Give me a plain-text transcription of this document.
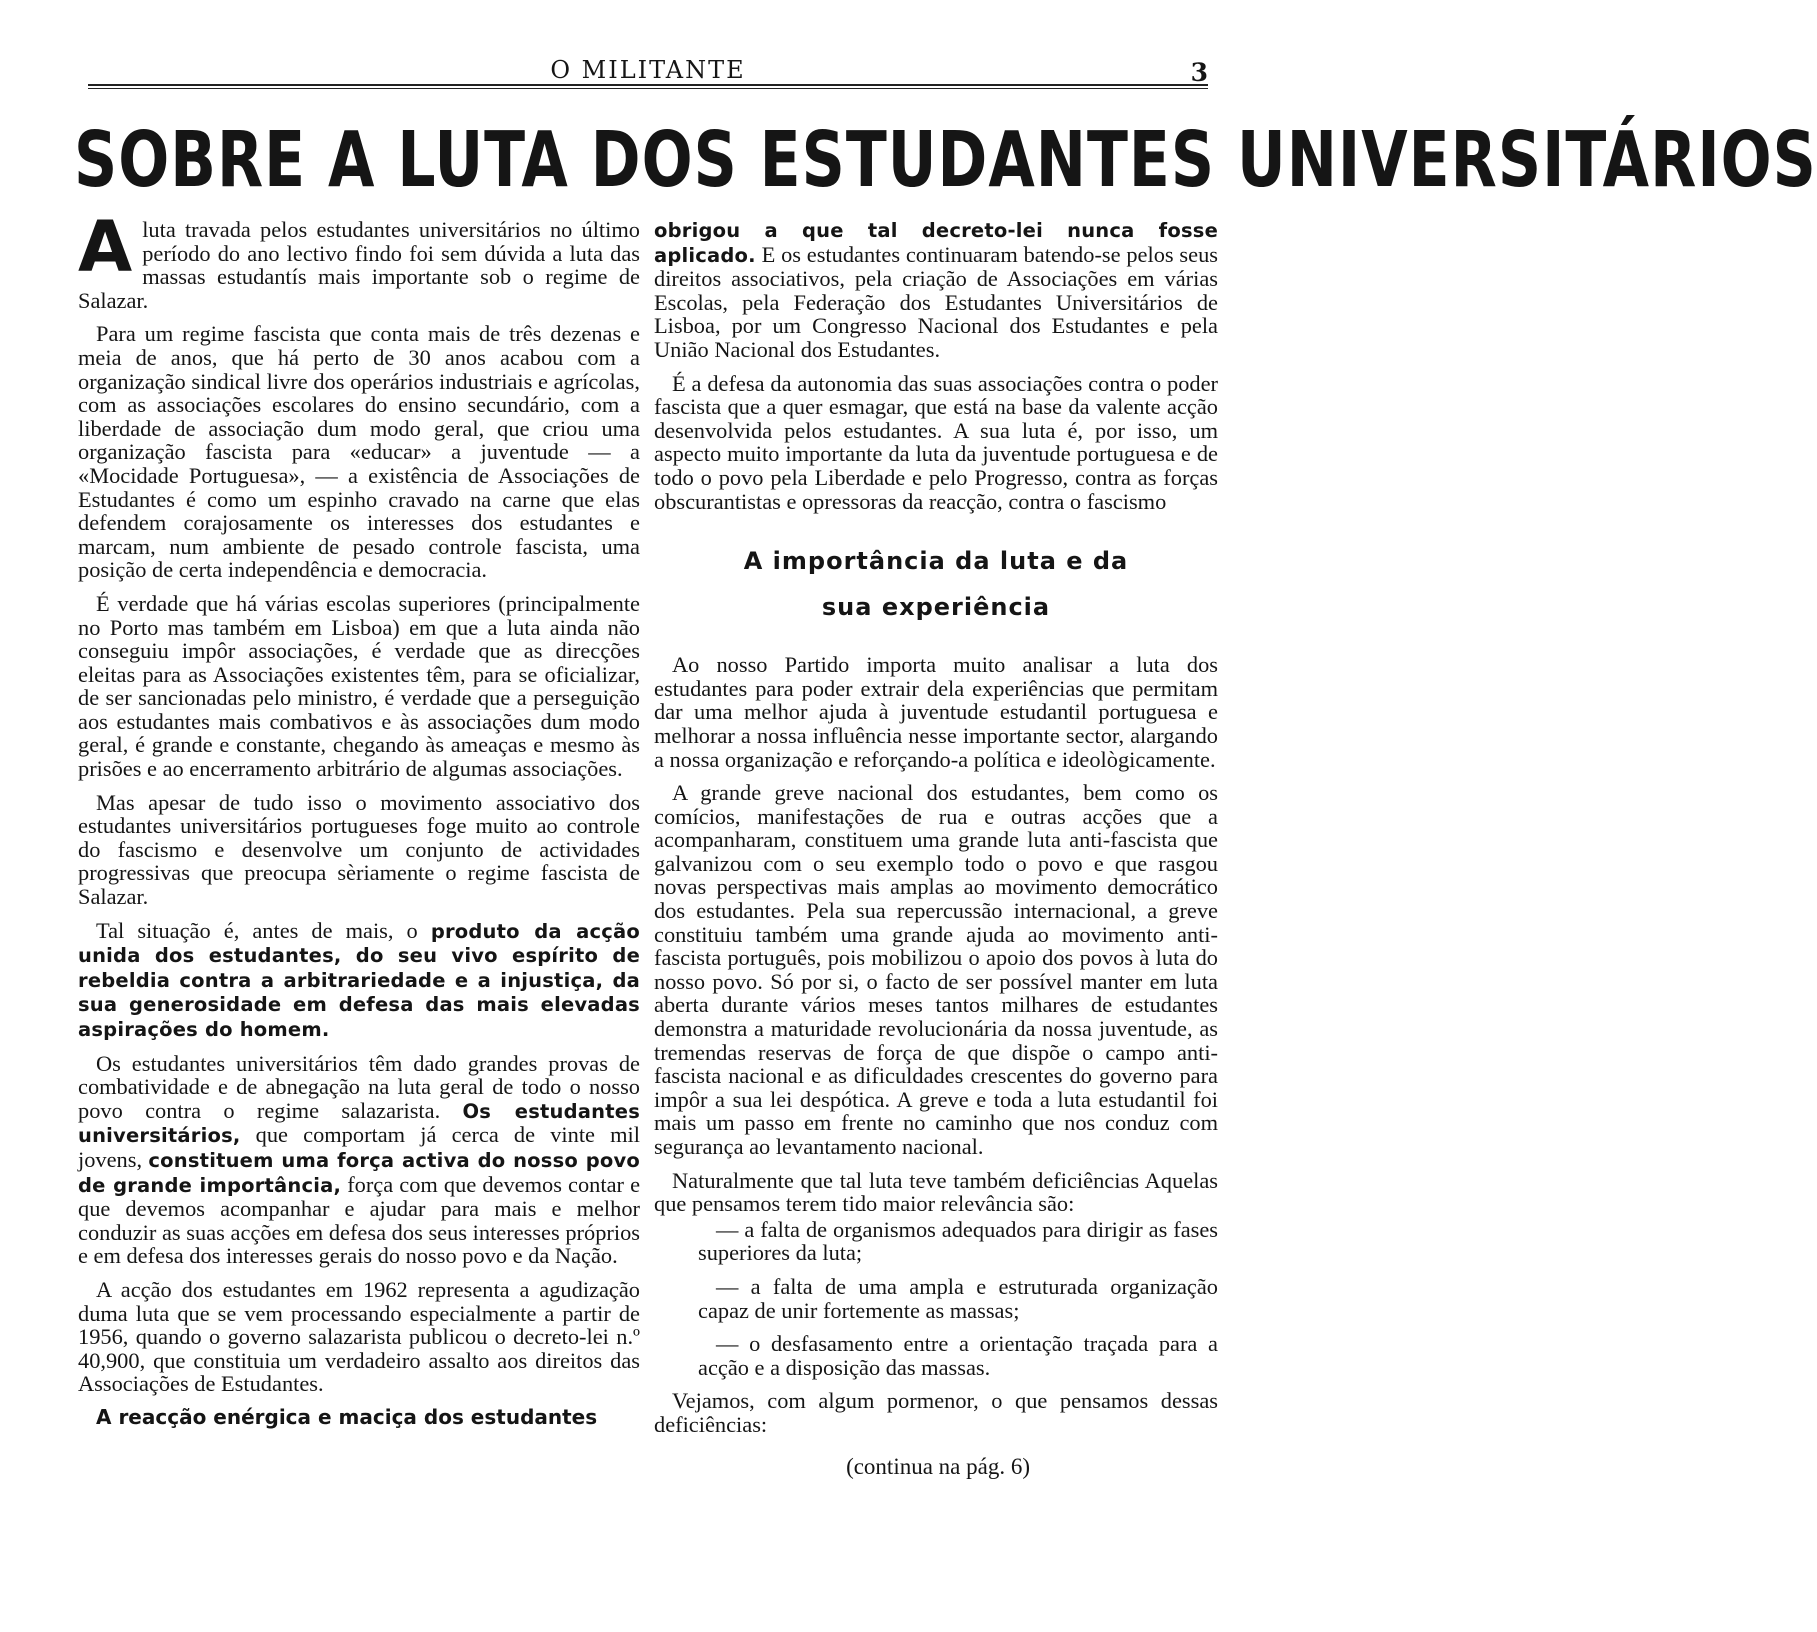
O MILITANTE	3
SOBRE A LUTA DOS ESTUDANTES UNIVERSITÁRIOS

Aluta travada pelos estudantes universitários no último período do ano lectivo findo foi sem dúvida a luta das massas estudantís mais importante sob o regime de Salazar.

Para um regime fascista que conta mais de três dezenas e meia de anos, que há perto de 30 anos acabou com a organização sindical livre dos operários industriais e agrícolas, com as associações escolares do ensino secundário, com a liberdade de associação dum modo geral, que criou uma organização fascista para «educar» a juventude — a «Mocidade Portuguesa», — a existência de Associações de Estudantes é como um espinho cravado na carne que elas defendem corajosamente os interesses dos estudantes e marcam, num ambiente de pesado controle fascista, uma posição de certa independência e democracia.

É verdade que há várias escolas superiores (principalmente no Porto mas também em Lisboa) em que a luta ainda não conseguiu impôr associações, é verdade que as direcções eleitas para as Associações existentes têm, para se oficializar, de ser sancionadas pelo ministro, é verdade que a perseguição aos estudantes mais combativos e às associações dum modo geral, é grande e constante, chegando às ameaças e mesmo às prisões e ao encerramento arbitrário de algumas associações.

Mas apesar de tudo isso o movimento associativo dos estudantes universitários portugueses foge muito ao controle do fascismo e desenvolve um conjunto de actividades progressivas que preocupa sèriamente o regime fascista de Salazar.

Tal situação é, antes de mais, o produto da acção unida dos estudantes, do seu vivo espírito de rebeldia contra a arbitrariedade e a injustiça, da sua generosidade em defesa das mais elevadas aspirações do homem.

Os estudantes universitários têm dado grandes provas de combatividade e de abnegação na luta geral de todo o nosso povo contra o regime salazarista. Os estudantes universitários, que comportam já cerca de vinte mil jovens, constituem uma força activa do nosso povo de grande importância, força com que devemos contar e que devemos acompanhar e ajudar para mais e melhor conduzir as suas acções em defesa dos seus interesses próprios e em defesa dos interesses gerais do nosso povo e da Nação.

A acção dos estudantes em 1962 representa a agudização duma luta que se vem processando especialmente a partir de 1956, quando o governo salazarista publicou o decreto-lei n.º 40,900, que constituia um verdadeiro assalto aos direitos das Associações de Estudantes.

A reacção enérgica e maciça dos estudantes

obrigou a que tal decreto-lei nunca fosse aplicado. E os estudantes continuaram batendo-se pelos seus direitos associativos, pela criação de Associações em várias Escolas, pela Federação dos Estudantes Universitários de Lisboa, por um Congresso Nacional dos Estudantes e pela União Nacional dos Estudantes.

É a defesa da autonomia das suas associações contra o poder fascista que a quer esmagar, que está na base da valente acção desenvolvida pelos estudantes. A sua luta é, por isso, um aspecto muito importante da luta da juventude portuguesa e de todo o povo pela Liberdade e pelo Progresso, contra as forças obscurantistas e opressoras da reacção, contra o fascismo

A importância da luta e da
sua experiência

Ao nosso Partido importa muito analisar a luta dos estudantes para poder extrair dela experiências que permitam dar uma melhor ajuda à juventude estudantil portuguesa e melhorar a nossa influência nesse importante sector, alargando a nossa organização e reforçando-a política e ideològicamente.

A grande greve nacional dos estudantes, bem como os comícios, manifestações de rua e outras acções que a acompanharam, constituem uma grande luta anti-fascista que galvanizou com o seu exemplo todo o povo e que rasgou novas perspectivas mais amplas ao movimento democrático dos estudantes. Pela sua repercussão internacional, a greve constituiu também uma grande ajuda ao movimento anti-fascista português, pois mobilizou o apoio dos povos à luta do nosso povo. Só por si, o facto de ser possível manter em luta aberta durante vários meses tantos milhares de estudantes demonstra a maturidade revolucionária da nossa juventude, as tremendas reservas de força de que dispõe o campo anti-fascista nacional e as dificuldades crescentes do governo para impôr a sua lei despótica. A greve e toda a luta estudantil foi mais um passo em frente no caminho que nos conduz com segurança ao levantamento nacional.

Naturalmente que tal luta teve também deficiências Aquelas que pensamos terem tido maior relevância são:

— a falta de organismos adequados para dirigir as fases superiores da luta;

— a falta de uma ampla e estruturada organização capaz de unir fortemente as massas;

— o desfasamento entre a orientação traçada para a acção e a disposição das massas.

Vejamos, com algum pormenor, o que pensamos dessas deficiências:

(continua na pág. 6)
